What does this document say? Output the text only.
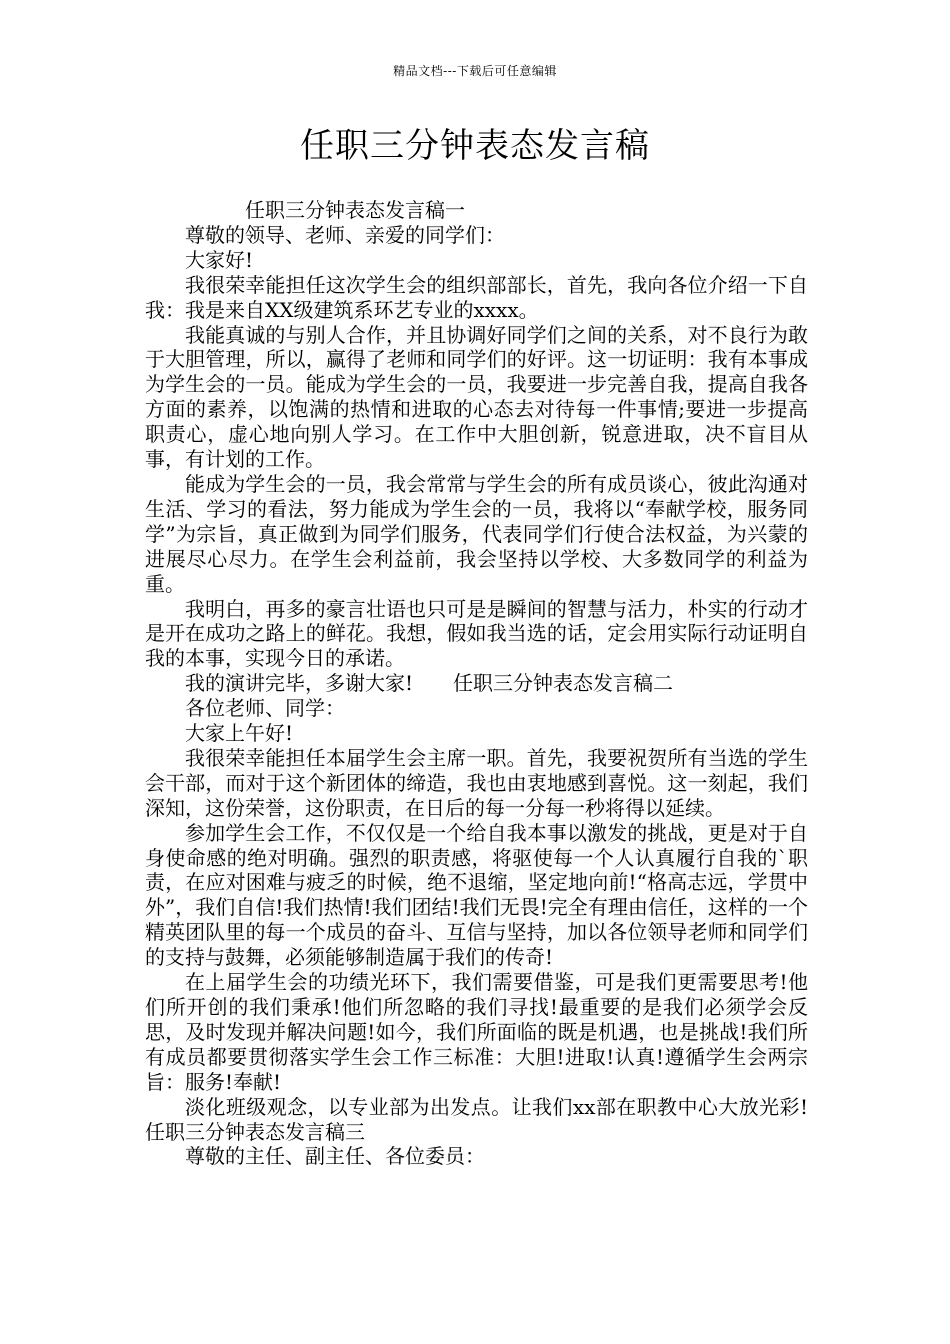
精品文档---下载后可任意编辑
任职三分钟表态发言稿

任职三分钟表态发言稿一

尊敬的领导、老师、亲爱的同学们：

大家好!

我很荣幸能担任这次学生会的组织部部长，首先，我向各位介绍一下自我：我是来自XX级建筑系环艺专业的xxxx。

我能真诚的与别人合作，并且协调好同学们之间的关系，对不良行为敢于大胆管理，所以，赢得了老师和同学们的好评。这一切证明：我有本事成为学生会的一员。能成为学生会的一员，我要进一步完善自我，提高自我各方面的素养，以饱满的热情和进取的心态去对待每一件事情;要进一步提高职责心，虚心地向别人学习。在工作中大胆创新，锐意进取，决不盲目从事，有计划的工作。

能成为学生会的一员，我会常常与学生会的所有成员谈心，彼此沟通对生活、学习的看法，努力能成为学生会的一员，我将以“奉献学校，服务同学”为宗旨，真正做到为同学们服务，代表同学们行使合法权益，为兴蒙的进展尽心尽力。在学生会利益前，我会坚持以学校、大多数同学的利益为重。

我明白，再多的豪言壮语也只可是是瞬间的智慧与活力，朴实的行动才是开在成功之路上的鲜花。我想，假如我当选的话，定会用实际行动证明自我的本事，实现今日的承诺。

我的演讲完毕，多谢大家!　　任职三分钟表态发言稿二

各位老师、同学：

大家上午好!

我很荣幸能担任本届学生会主席一职。首先，我要祝贺所有当选的学生会干部，而对于这个新团体的缔造，我也由衷地感到喜悦。这一刻起，我们深知，这份荣誉，这份职责，在日后的每一分每一秒将得以延续。

参加学生会工作，不仅仅是一个给自我本事以激发的挑战，更是对于自身使命感的绝对明确。强烈的职责感，将驱使每一个人认真履行自我的`职责，在应对困难与疲乏的时候，绝不退缩，坚定地向前!“格高志远，学贯中外”，我们自信!我们热情!我们团结!我们无畏!完全有理由信任，这样的一个精英团队里的每一个成员的奋斗、互信与坚持，加以各位领导老师和同学们的支持与鼓舞，必须能够制造属于我们的传奇!

在上届学生会的功绩光环下，我们需要借鉴，可是我们更需要思考!他们所开创的我们秉承!他们所忽略的我们寻找!最重要的是我们必须学会反思，及时发现并解决问题!如今，我们所面临的既是机遇，也是挑战!我们所有成员都要贯彻落实学生会工作三标准：大胆!进取!认真!遵循学生会两宗旨：服务!奉献!

淡化班级观念，以专业部为出发点。让我们xx部在职教中心大放光彩!　　任职三分钟表态发言稿三

尊敬的主任、副主任、各位委员：
